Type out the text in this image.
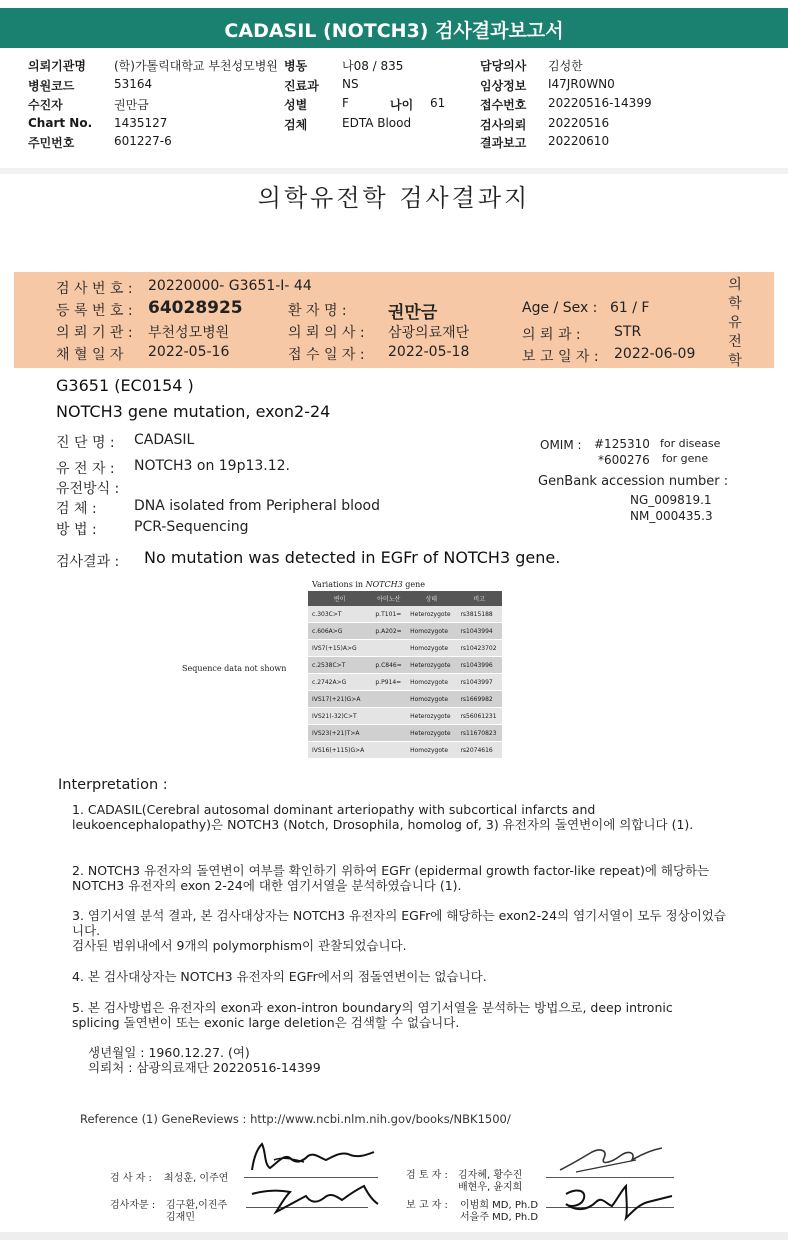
CADASIL (NOTCH3) 검사결과보고서
의뢰기관명 (학)가톨릭대학교 부천성모병원 병동	나08 / 835	담당의사 김성한
병원코드	53164	진료과 NS	임상정보 I47JR0WN0
수진자	권만금	성별	F	나이 61	접수번호 20220516-14399
Chart No. 1435127	검체	EDTA Blood	검사의뢰 20220516
주민번호	601227-6	결과보고 20220610
의학유전학 검사결과지
검 사 번 호 : 20220000- G3651-I- 44
등 록 번 호 : 64028925	환 자 명 : 권만금	Age / Sex : 61 / F
의 뢰 기 관 : 부천성모병원	의 뢰 의 사 : 삼광의료재단	의 뢰 과 : STR
채 혈 일 자 2022-05-16	접 수 일 자 : 2022-05-18	보 고 일 자 : 2022-06-09
의
학
유
전
학
G3651 (EC0154 )
NOTCH3 gene mutation, exon2-24
진 단 명 : CADASIL
유 전 자 : NOTCH3 on 19p13.12.
유전방식 :
검 체 :	DNA isolated from Peripheral blood
방 법 :	PCR-Sequencing
OMIM : #125310 for disease
*600276 for gene
GenBank accession number :
NG_009819.1
NM_000435.3
검사결과 : No mutation was detected in EGFr of NOTCH3 gene.
Variations in NOTCH3 gene
변이	아미노산	상태	비고
c.303C>T	p.T101=	Heterozygote	rs3815188
c.606A>G	p.A202=	Homozygote	rs1043994
IVS7(+15)A>G		Homozygote	rs10423702
c.2538C>T	p.C846=	Heterozygote	rs1043996
c.2742A>G	p.P914=	Homozygote	rs1043997
IVS17(+21)G>A		Homozygote	rs1669982
IVS21(-32)C>T		Heterozygote	rs56061231
IVS23(+21)T>A		Heterozygote	rs11670823
IVS16(+115)G>A		Homozygote	rs2074616
Sequence data not shown
Interpretation :
1. CADASIL(Cerebral autosomal dominant arteriopathy with subcortical infarcts and leukoencephalopathy)은 NOTCH3 (Notch, Drosophila, homolog of, 3) 유전자의 돌연변이에 의합니다 (1).
2. NOTCH3 유전자의 돌연변이 여부를 확인하기 위하여 EGFr (epidermal growth factor-like repeat)에 해당하는 NOTCH3 유전자의 exon 2-24에 대한 염기서열을 분석하였습니다 (1).
3. 염기서열 분석 결과, 본 검사대상자는 NOTCH3 유전자의 EGFr에 해당하는 exon2-24의 염기서열이 모두 정상이었습니다.
검사된 범위내에서 9개의 polymorphism이 관찰되었습니다.
4. 본 검사대상자는 NOTCH3 유전자의 EGFr에서의 점돌연변이는 없습니다.
5. 본 검사방법은 유전자의 exon과 exon-intron boundary의 염기서열을 분석하는 방법으로, deep intronic splicing 돌연변이 또는 exonic large deletion은 검색할 수 없습니다.
생년월일 : 1960.12.27. (여)
의뢰처 : 삼광의료재단 20220516-14399
Reference (1) GeneReviews : http://www.ncbi.nlm.nih.gov/books/NBK1500/
검 사 자 : 최성훈, 이주연
검사자문 : 김구환,이진주
김재민
검 토 자 : 김자혜, 황수진
배현우, 윤지희
보 고 자 : 이범희 MD, Ph.D
서을주 MD, Ph.D
